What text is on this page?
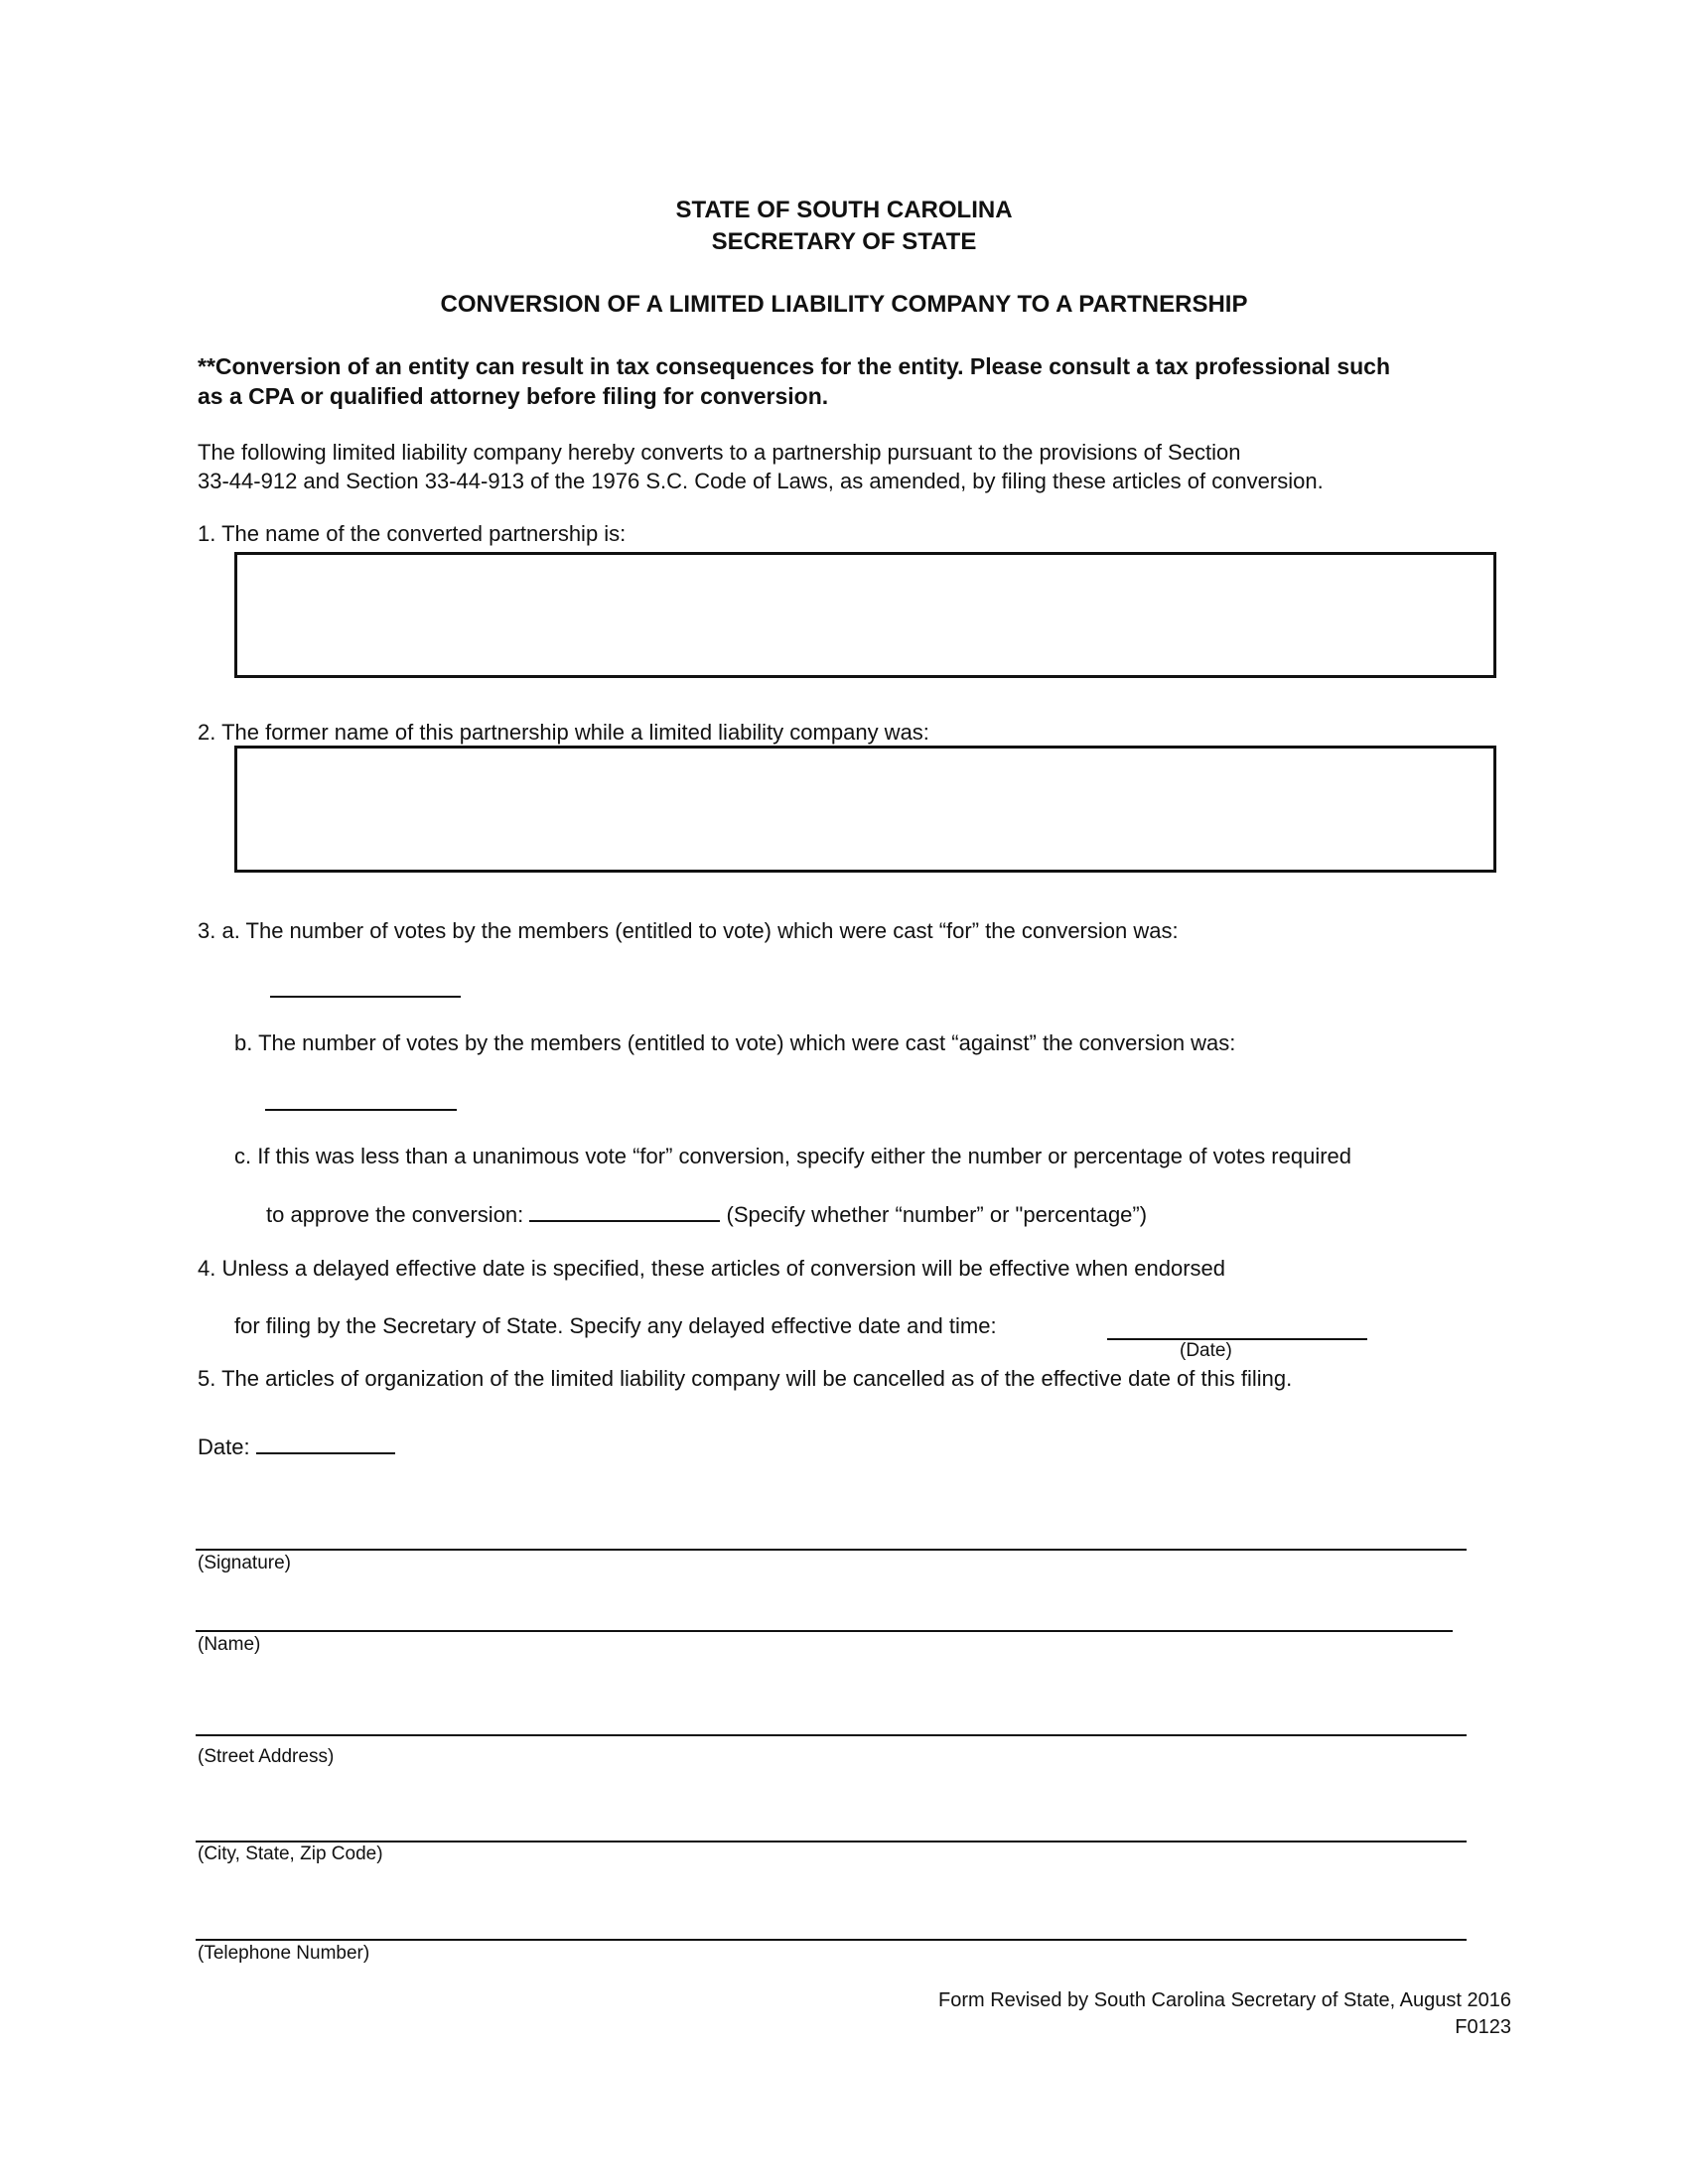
STATE OF SOUTH CAROLINA
SECRETARY OF STATE
CONVERSION OF A LIMITED LIABILITY COMPANY TO A PARTNERSHIP
**Conversion of an entity can result in tax consequences for the entity. Please consult a tax professional such
as a CPA or qualified attorney before filing for conversion.
The following limited liability company hereby converts to a partnership pursuant to the provisions of Section
33-44-912 and Section 33-44-913 of the 1976 S.C. Code of Laws, as amended, by filing these articles of conversion.
1. The name of the converted partnership is:
2. The former name of this partnership while a limited liability company was:
3. a. The number of votes by the members (entitled to vote) which were cast “for” the conversion was:
b. The number of votes by the members (entitled to vote) which were cast “against” the conversion was:
c. If this was less than a unanimous vote “for” conversion, specify either the number or percentage of votes required
to approve the conversion:	(Specify whether “number” or "percentage”)
4. Unless a delayed effective date is specified, these articles of conversion will be effective when endorsed
for filing by the Secretary of State. Specify any delayed effective date and time:
(Date)
5. The articles of organization of the limited liability company will be cancelled as of the effective date of this filing.
Date:
(Signature)
(Name)
(Street Address)
(City, State, Zip Code)
(Telephone Number)
Form Revised by South Carolina Secretary of State, August 2016
F0123
